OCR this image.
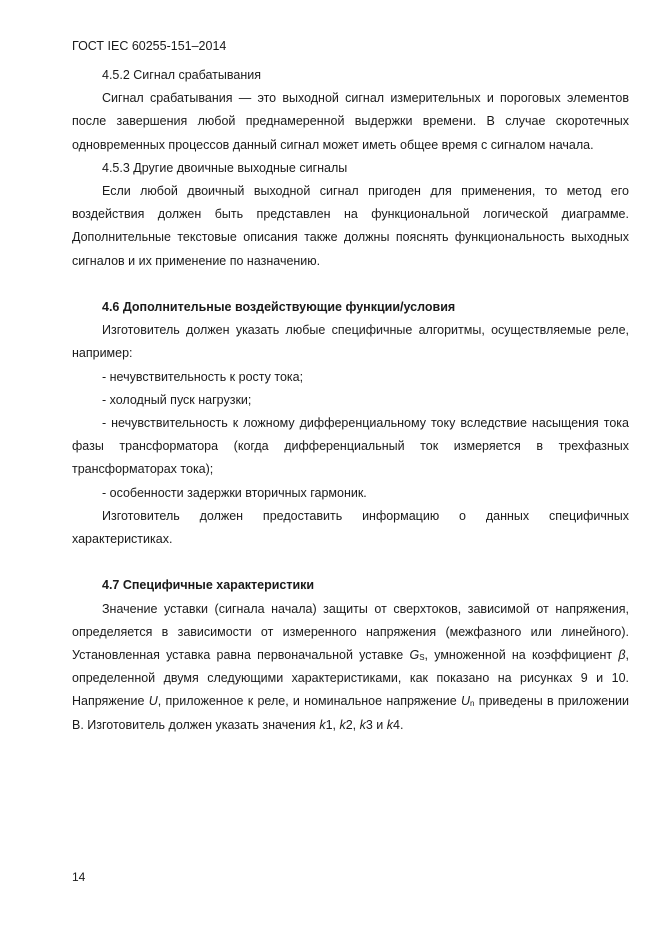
ГОСТ IEC 60255-151–2014

4.5.2 Сигнал срабатывания

Сигнал срабатывания — это выходной сигнал измерительных и пороговых элементов после завершения любой преднамеренной выдержки времени. В случае скоротечных одновременных процессов данный сигнал может иметь общее время с сигналом начала.

4.5.3 Другие двоичные выходные сигналы

Если любой двоичный выходной сигнал пригоден для применения, то метод его воздействия должен быть представлен на функциональной логической диаграмме. Дополнительные текстовые описания также должны пояснять функциональность выходных сигналов и их применение по назначению.

4.6 Дополнительные воздействующие функции/условия

Изготовитель должен указать любые специфичные алгоритмы, осуществляемые реле, например:

- нечувствительность к росту тока;

- холодный пуск нагрузки;

- нечувствительность к ложному дифференциальному току вследствие насыщения тока фазы трансформатора (когда дифференциальный ток измеряется в трехфазных трансформаторах тока);

- особенности задержки вторичных гармоник.

Изготовитель должен предоставить информацию о данных специфичных характеристиках.

4.7 Специфичные характеристики

Значение уставки (сигнала начала) защиты от сверхтоков, зависимой от напряжения, определяется в зависимости от измеренного напряжения (межфазного или линейного). Установленная уставка равна первоначальной уставке $G_S$, умноженной на коэффициент β, определенной двумя следующими характеристиками, как показано на рисунках 9 и 10. Напряжение U, приложенное к реле, и номинальное напряжение $U_n$ приведены в приложении В. Изготовитель должен указать значения k1, k2, k3 и k4.

14
